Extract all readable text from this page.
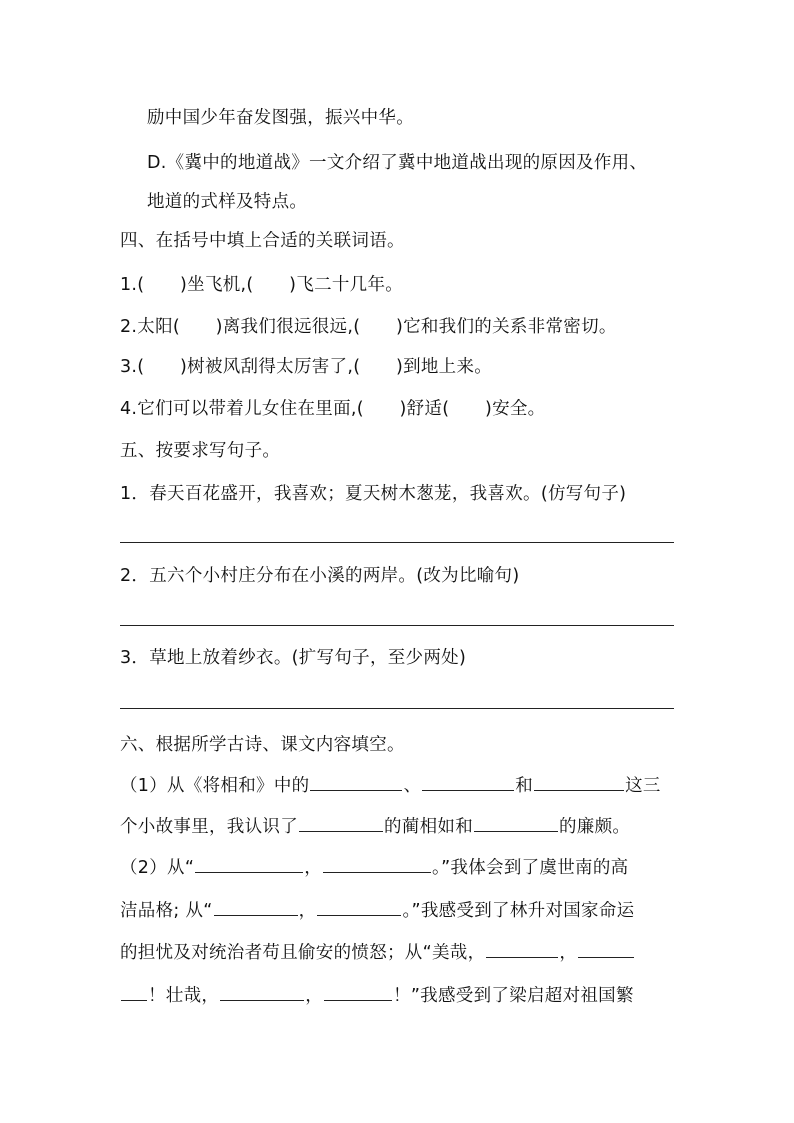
励中国少年奋发图强，振兴中华。
D.《冀中的地道战》一文介绍了冀中地道战出现的原因及作用、
地道的式样及特点。
四、在括号中填上合适的关联词语。
1.(　　)坐飞机,(　　)飞二十几年。
2.太阳(　　)离我们很远很远,(　　)它和我们的关系非常密切。
3.(　　)树被风刮得太厉害了,(　　)到地上来。
4.它们可以带着儿女住在里面,(　　)舒适(　　)安全。
五、按要求写句子。
1．春天百花盛开，我喜欢；夏天树木葱茏，我喜欢。(仿写句子)
2．五六个小村庄分布在小溪的两岸。(改为比喻句)
3．草地上放着纱衣。(扩写句子，至少两处)
六、根据所学古诗、课文内容填空。
（1）从《将相和》中的	、	和	这三
个小故事里，我认识了	的蔺相如和	的廉颇。
（2）从“	，	。”我体会到了虞世南的高
洁品格; 从“	，	。”我感受到了林升对国家命运
的担忧及对统治者苟且偷安的愤怒；从“美哉，	，
！壮哉，	，	！”我感受到了梁启超对祖国繁
